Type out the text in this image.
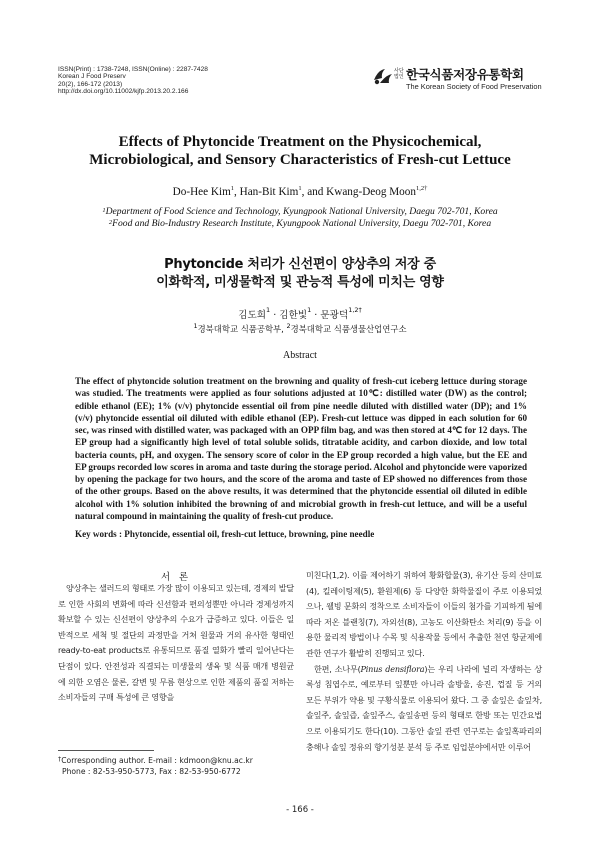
ISSN(Print) : 1738-7248, ISSN(Online) : 2287-7428
Korean J Food Preserv
20(2), 166-172 (2013)
http://dx.doi.org/10.11002/kjfp.2013.20.2.166
사단
법인 한국식품저장유통학회
The Korean Society of Food Preservation
Effects of Phytoncide Treatment on the Physicochemical,
Microbiological, and Sensory Characteristics of Fresh-cut Lettuce
Do-Hee Kim$^1$, Han-Bit Kim$^1$, and Kwang-Deog Moon$^{1,2\dagger}$
$^1$Department of Food Science and Technology, Kyungpook National University, Daegu 702-701, Korea
$^2$Food and Bio-Industry Research Institute, Kyungpook National University, Daegu 702-701, Korea
Phytoncide 처리가 신선편이 양상추의 저장 중
이화학적, 미생물학적 및 관능적 특성에 미치는 영향
김도희$^1$ · 김한빛$^1$ · 문광덕$^{1,2\dagger}$
$^1$경북대학교 식품공학부, $^2$경북대학교 식품생물산업연구소
Abstract
The effect of phytoncide solution treatment on the browning and quality of fresh-cut iceberg lettuce during storage was studied. The treatments were applied as four solutions adjusted at 10℃: distilled water (DW) as the control; edible ethanol (EE); 1% (v/v) phytoncide essential oil from pine needle diluted with distilled water (DP); and 1% (v/v) phytoncide essential oil diluted with edible ethanol (EP). Fresh-cut lettuce was dipped in each solution for 60 sec, was rinsed with distilled water, was packaged with an OPP film bag, and was then stored at 4℃ for 12 days. The EP group had a significantly high level of total soluble solids, titratable acidity, and carbon dioxide, and low total bacteria counts, pH, and oxygen. The sensory score of color in the EP group recorded a high value, but the EE and EP groups recorded low scores in aroma and taste during the storage period. Alcohol and phytoncide were vaporized by opening the package for two hours, and the score of the aroma and taste of EP showed no differences from those of the other groups. Based on the above results, it was determined that the phytoncide essential oil diluted in edible alcohol with 1% solution inhibited the browning of and microbial growth in fresh-cut lettuce, and will be a useful natural compound in maintaining the quality of fresh-cut produce.
Key words : Phytoncide, essential oil, fresh-cut lettuce, browning, pine needle
서 론
양상추는 샐러드의 형태로 가장 많이 이용되고 있는데, 경제의 발달로 인한 사회의 변화에 따라 신선함과 편의성뿐만 아니라 경제성까지 확보할 수 있는 신선편이 양상추의 수요가 급증하고 있다. 이들은 일반적으로 세척 및 절단의 과정만을 거쳐 원물과 거의 유사한 형태인 ready-to-eat products로 유통되므로 품질 열화가 빨리 일어난다는 단점이 있다. 안전성과 직결되는 미생물의 생육 및 식품 매개 병원균에 의한 오염은 물론, 갈변 및 무름 현상으로 인한 제품의 품질 저하는 소비자들의 구매 특성에 큰 영향을
미친다(1,2). 이를 제어하기 위하여 황화합물(3), 유기산 등의 산미료(4), 킬레이팅제(5), 환원제(6) 등 다양한 화학물질이 주로 이용되었으나, 웰빙 문화의 정착으로 소비자들이 이들의 첨가를 기피하게 됨에 따라 저온 블랜칭(7), 자외선(8), 고농도 이산화탄소 처리(9) 등을 이용한 물리적 방법이나 수목 및 식용작물 등에서 추출한 천연 항균제에 관한 연구가 활발히 진행되고 있다.
한편, 소나무(Pinus densiflora)는 우리 나라에 널리 자생하는 상록성 침엽수로, 예로부터 잎뿐만 아니라 솔방울, 송진, 껍질 등 거의 모든 부위가 약용 및 구황식물로 이용되어 왔다. 그 중 솔잎은 솔잎차, 솔잎주, 솔잎즙, 솔잎주스, 솔잎송편 등의 형태로 한방 또는 민간요법으로 이용되기도 한다(10). 그동안 솔잎 관련 연구로는 솔잎혹파리의 충해나 솔잎 정유의 향기성분 분석 등 주로 임업분야에서만 이루어
†Corresponding author. E-mail : kdmoon@knu.ac.kr
Phone : 82-53-950-5773, Fax : 82-53-950-6772
- 166 -
